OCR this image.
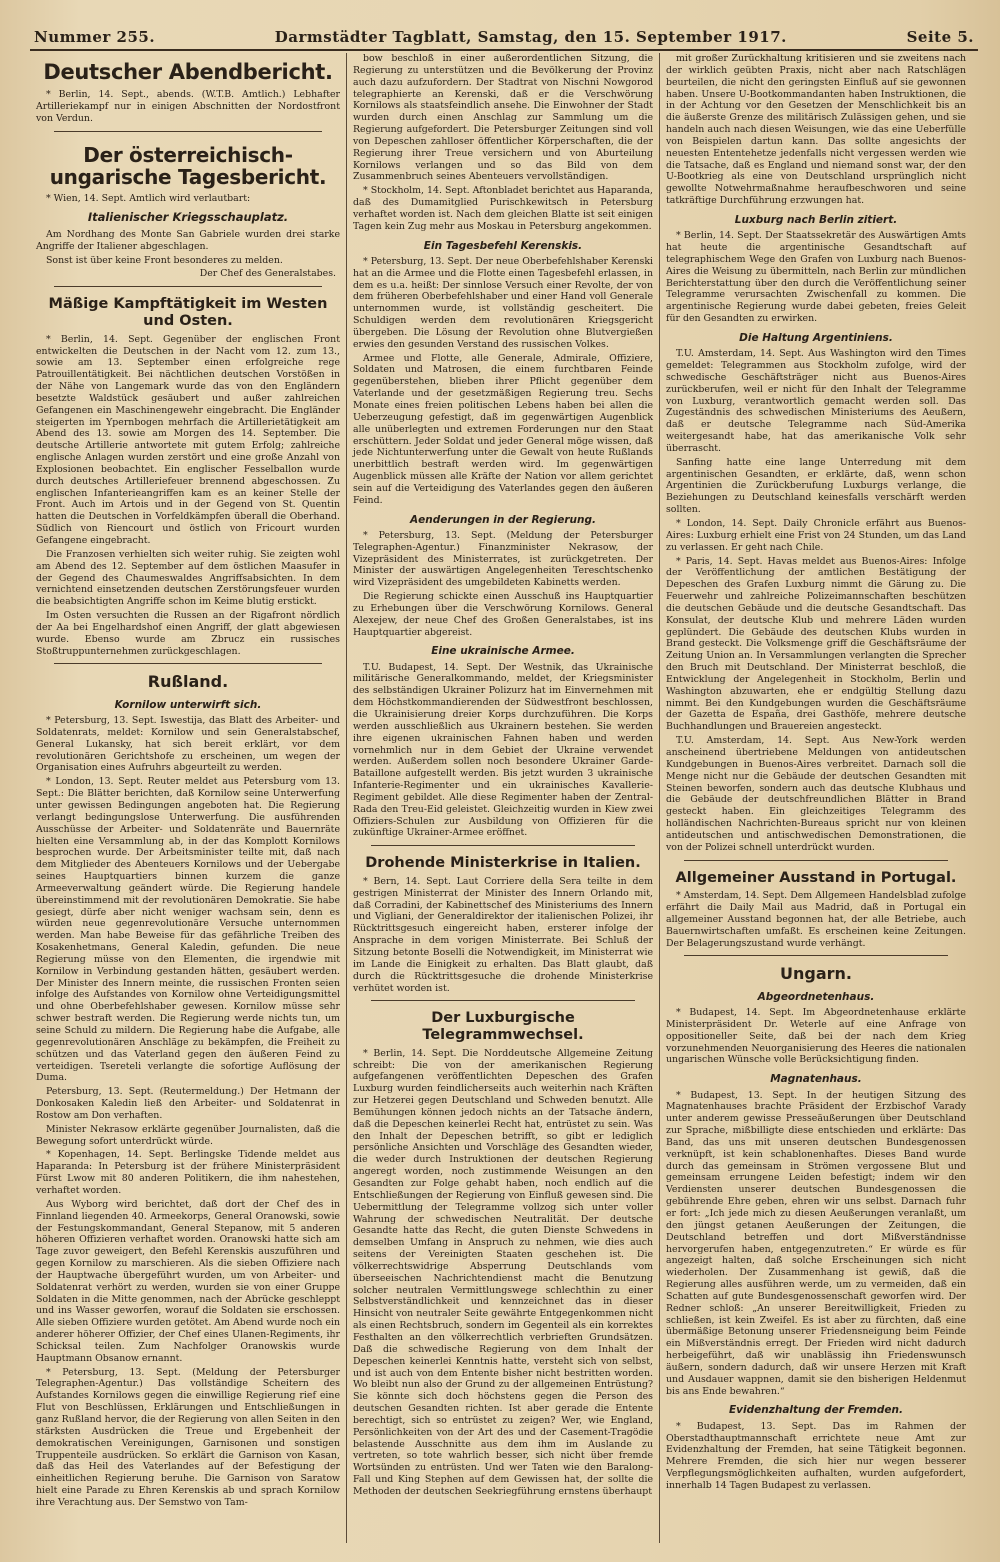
Nummer 255.	Darmstädter Tagblatt, Samstag, den 15. September 1917.	Seite 5.
Deutscher Abendbericht.

* Berlin, 14. Sept., abends. (W.T.B. Amtlich.) Lebhafter Artilleriekampf nur in einigen Abschnitten der Nordostfront von Verdun.

Der österreichisch-ungarische Tagesbericht.

* Wien, 14. Sept. Amtlich wird verlautbart:

Italienischer Kriegsschauplatz.

Am Nordhang des Monte San Gabriele wurden drei starke Angriffe der Italiener abgeschlagen.

Sonst ist über keine Front besonderes zu melden.

Der Chef des Generalstabes.

Mäßige Kampftätigkeit im Westen und Osten.

* Berlin, 14. Sept. Gegenüber der englischen Front entwickelten die Deutschen in der Nacht vom 12. zum 13., sowie am 13. September einen erfolgreiche rege Patrouillentätigkeit. Bei nächtlichen deutschen Vorstößen in der Nähe von Langemark wurde das von den Engländern besetzte Waldstück gesäubert und außer zahlreichen Gefangenen ein Maschinengewehr eingebracht. Die Engländer steigerten im Ypernbogen mehrfach die Artillerietätigkeit am Abend des 13. sowie am Morgen des 14. September. Die deutsche Artillerie antwortete mit gutem Erfolg; zahlreiche englische Anlagen wurden zerstört und eine große Anzahl von Explosionen beobachtet. Ein englischer Fesselballon wurde durch deutsches Artilleriefeuer brennend abgeschossen. Zu englischen Infanterieangriffen kam es an keiner Stelle der Front. Auch im Artois und in der Gegend von St. Quentin hatten die Deutschen in Vorfeldkämpfen überall die Oberhand. Südlich von Riencourt und östlich von Fricourt wurden Gefangene eingebracht.

Die Franzosen verhielten sich weiter ruhig. Sie zeigten wohl am Abend des 12. September auf dem östlichen Maasufer in der Gegend des Chaumeswaldes Angriffsabsichten. In dem vernichtend einsetzenden deutschen Zerstörungsfeuer wurden die beabsichtigten Angriffe schon im Keime blutig erstickt.

Im Osten versuchten die Russen an der Rigafront nördlich der Aa bei Engelhardshof einen Angriff, der glatt abgewiesen wurde. Ebenso wurde am Zbrucz ein russisches Stoßtruppunternehmen zurückgeschlagen.

Rußland.
Kornilow unterwirft sich.

* Petersburg, 13. Sept. Iswestija, das Blatt des Arbeiter- und Soldatenrats, meldet: Kornilow und sein Generalstabschef, General Lukansky, hat sich bereit erklärt, vor dem revolutionären Gerichtshofe zu erscheinen, um wegen der Organisation eines Aufruhrs abgeurteilt zu werden.

* London, 13. Sept. Reuter meldet aus Petersburg vom 13. Sept.: Die Blätter berichten, daß Kornilow seine Unterwerfung unter gewissen Bedingungen angeboten hat. Die Regierung verlangt bedingungslose Unterwerfung. Die ausführenden Ausschüsse der Arbeiter- und Soldatenräte und Bauernräte hielten eine Versammlung ab, in der das Komplott Kornilows besprochen wurde. Der Arbeitsminister teilte mit, daß nach dem Mitglieder des Abenteuers Kornilows und der Uebergabe seines Hauptquartiers binnen kurzem die ganze Armeeverwaltung geändert würde. Die Regierung handele übereinstimmend mit der revolutionären Demokratie. Sie habe gesiegt, dürfe aber nicht weniger wachsam sein, denn es würden neue gegenrevolutionäre Versuche unternommen werden. Man habe Beweise für das gefährliche Treiben des Kosakenhetmans, General Kaledin, gefunden. Die neue Regierung müsse von den Elementen, die irgendwie mit Kornilow in Verbindung gestanden hätten, gesäubert werden. Der Minister des Innern meinte, die russischen Fronten seien infolge des Aufstandes von Kornilow ohne Verteidigungsmittel und ohne Oberbefehlshaber gewesen. Kornilow müsse sehr schwer bestraft werden. Die Regierung werde nichts tun, um seine Schuld zu mildern. Die Regierung habe die Aufgabe, alle gegenrevolutionären Anschläge zu bekämpfen, die Freiheit zu schützen und das Vaterland gegen den äußeren Feind zu verteidigen. Tsereteli verlangte die sofortige Auflösung der Duma.

Petersburg, 13. Sept. (Reutermeldung.) Der Hetmann der Donkosaken Kaledin ließ den Arbeiter- und Soldatenrat in Rostow am Don verhaften.

Minister Nekrasow erklärte gegenüber Journalisten, daß die Bewegung sofort unterdrückt würde.

* Kopenhagen, 14. Sept. Berlingske Tidende meldet aus Haparanda: In Petersburg ist der frühere Ministerpräsident Fürst Lwow mit 80 anderen Politikern, die ihm nahestehen, verhaftet worden.

Aus Wyborg wird berichtet, daß dort der Chef des in Finnland liegenden 40. Armeekorps, General Oranowski, sowie der Festungskommandant, General Stepanow, mit 5 anderen höheren Offizieren verhaftet worden. Oranowski hatte sich am Tage zuvor geweigert, den Befehl Kerenskis auszuführen und gegen Kornilow zu marschieren. Als die sieben Offiziere nach der Hauptwache übergeführt wurden, um von Arbeiter- und Soldatenrat verhört zu werden, wurden sie von einer Gruppe Soldaten in die Mitte genommen, nach der Abrücke geschleppt und ins Wasser geworfen, worauf die Soldaten sie erschossen. Alle sieben Offiziere wurden getötet. Am Abend wurde noch ein anderer höherer Offizier, der Chef eines Ulanen-Regiments, ihr Schicksal teilen. Zum Nachfolger Oranowskis wurde Hauptmann Obsanow ernannt.

* Petersburg, 13. Sept. (Meldung der Petersburger Telegraphen-Agentur.) Das vollständige Scheitern des Aufstandes Kornilows gegen die einwillige Regierung rief eine Flut von Beschlüssen, Erklärungen und Entschließungen in ganz Rußland hervor, die der Regierung von allen Seiten in den stärksten Ausdrücken die Treue und Ergebenheit der demokratischen Vereinigungen, Garnisonen und sonstigen Truppenteile ausdrücken. So erklärt die Garnison von Kasan, daß das Heil des Vaterlandes auf der Befestigung der einheitlichen Regierung beruhe. Die Garnison von Saratow hielt eine Parade zu Ehren Kerenskis ab und sprach Kornilow ihre Verachtung aus. Der Semstwo von Tam-

bow beschloß in einer außerordentlichen Sitzung, die Regierung zu unterstützen und die Bevölkerung der Provinz auch dazu aufzufordern. Der Stadtrat von Nischni Nowgorod telegraphierte an Kerenski, daß er die Verschwörung Kornilows als staatsfeindlich ansehe. Die Einwohner der Stadt wurden durch einen Anschlag zur Sammlung um die Regierung aufgefordert. Die Petersburger Zeitungen sind voll von Depeschen zahlloser öffentlicher Körperschaften, die der Regierung ihrer Treue versichern und von Aburteilung Kornilows verlangen und so das Bild von dem Zusammenbruch seines Abenteuers vervollständigen.

* Stockholm, 14. Sept. Aftonbladet berichtet aus Haparanda, daß des Dumamitglied Purischkewitsch in Petersburg verhaftet worden ist. Nach dem gleichen Blatte ist seit einigen Tagen kein Zug mehr aus Moskau in Petersburg angekommen.

Ein Tagesbefehl Kerenskis.

* Petersburg, 13. Sept. Der neue Oberbefehlshaber Kerenski hat an die Armee und die Flotte einen Tagesbefehl erlassen, in dem es u.a. heißt: Der sinnlose Versuch einer Revolte, der von dem früheren Oberbefehlshaber und einer Hand voll Generale unternommen wurde, ist vollständig gescheitert. Die Schuldigen werden dem revolutionären Kriegsgericht übergeben. Die Lösung der Revolution ohne Blutvergießen erwies den gesunden Verstand des russischen Volkes.

Armee und Flotte, alle Generale, Admirale, Offiziere, Soldaten und Matrosen, die einem furchtbaren Feinde gegenüberstehen, blieben ihrer Pflicht gegenüber dem Vaterlande und der gesetzmäßigen Regierung treu. Sechs Monate eines freien politischen Lebens haben bei allen die Ueberzeugung gefestigt, daß im gegenwärtigen Augenblick alle unüberlegten und extremen Forderungen nur den Staat erschüttern. Jeder Soldat und jeder General möge wissen, daß jede Nichtunterwerfung unter die Gewalt von heute Rußlands unerbittlich bestraft werden wird. Im gegenwärtigen Augenblick müssen alle Kräfte der Nation vor allem gerichtet sein auf die Verteidigung des Vaterlandes gegen den äußeren Feind.

Aenderungen in der Regierung.

* Petersburg, 13. Sept. (Meldung der Petersburger Telegraphen-Agentur.) Finanzminister Nekrasow, der Vizepräsident des Ministerrates, ist zurückgetreten. Der Minister der auswärtigen Angelegenheiten Tereschtschenko wird Vizepräsident des umgebildeten Kabinetts werden.

Die Regierung schickte einen Ausschuß ins Hauptquartier zu Erhebungen über die Verschwörung Kornilows. General Alexejew, der neue Chef des Großen Generalstabes, ist ins Hauptquartier abgereist.

Eine ukrainische Armee.

T.U. Budapest, 14. Sept. Der Westnik, das Ukrainische militärische Generalkommando, meldet, der Kriegsminister des selbständigen Ukrainer Polizurz hat im Einvernehmen mit dem Höchstkommandierenden der Südwestfront beschlossen, die Ukrainisierung dreier Korps durchzuführen. Die Korps werden ausschließlich aus Ukrainern bestehen. Sie werden ihre eigenen ukrainischen Fahnen haben und werden vornehmlich nur in dem Gebiet der Ukraine verwendet werden. Außerdem sollen noch besondere Ukrainer Garde-Bataillone aufgestellt werden. Bis jetzt wurden 3 ukrainische Infanterie-Regimenter und ein ukrainisches Kavallerie-Regiment gebildet. Alle diese Regimenter haben der Zentral-Rada den Treu-Eid geleistet. Gleichzeitig wurden in Kiew zwei Offiziers-Schulen zur Ausbildung von Offizieren für die zukünftige Ukrainer-Armee eröffnet.

Drohende Ministerkrise in Italien.

* Bern, 14. Sept. Laut Corriere della Sera teilte in dem gestrigen Ministerrat der Minister des Innern Orlando mit, daß Corradini, der Kabinettschef des Ministeriums des Innern und Vigliani, der Generaldirektor der italienischen Polizei, ihr Rücktrittsgesuch eingereicht haben, ersterer infolge der Ansprache in dem vorigen Ministerrate. Bei Schluß der Sitzung betonte Boselli die Notwendigkeit, im Ministerrat wie im Lande die Einigkeit zu erhalten. Das Blatt glaubt, daß durch die Rücktrittsgesuche die drohende Ministerkrise verhütet worden ist.

Der Luxburgische Telegrammwechsel.

* Berlin, 14. Sept. Die Norddeutsche Allgemeine Zeitung schreibt: Die von der amerikanischen Regierung aufgefangenen veröffentlichten Depeschen des Grafen Luxburg wurden feindlicherseits auch weiterhin nach Kräften zur Hetzerei gegen Deutschland und Schweden benutzt. Alle Bemühungen können jedoch nichts an der Tatsache ändern, daß die Depeschen keinerlei Recht hat, entrüstet zu sein. Was den Inhalt der Depeschen betrifft, so gibt er lediglich persönliche Ansichten und Vorschläge des Gesandten wieder, die weder durch Instruktionen der deutschen Regierung angeregt worden, noch zustimmende Weisungen an den Gesandten zur Folge gehabt haben, noch endlich auf die Entschließungen der Regierung von Einfluß gewesen sind. Die Uebermittlung der Telegramme vollzog sich unter voller Wahrung der schwedischen Neutralität. Der deutsche Gesandte hatte das Recht, die guten Dienste Schwedens in demselben Umfang in Anspruch zu nehmen, wie dies auch seitens der Vereinigten Staaten geschehen ist. Die völkerrechtswidrige Absperrung Deutschlands vom überseeischen Nachrichtendienst macht die Benutzung solcher neutralen Vermittlungswege schlechthin zu einer Selbstverständlichkeit und kennzeichnet das in dieser Hinsicht von neutraler Seite gewährte Entgegenkommen nicht als einen Rechtsbruch, sondern im Gegenteil als ein korrektes Festhalten an den völkerrechtlich verbrieften Grundsätzen. Daß die schwedische Regierung von dem Inhalt der Depeschen keinerlei Kenntnis hatte, versteht sich von selbst, und ist auch von dem Entente bisher nicht bestritten worden. Wo bleibt nun also der Grund zu der allgemeinen Entrüstung? Sie könnte sich doch höchstens gegen die Person des deutschen Gesandten richten. Ist aber gerade die Entente berechtigt, sich so entrüstet zu zeigen? Wer, wie England, Persönlichkeiten von der Art des und der Casement-Tragödie belastende Ausschnitte aus dem ihm im Auslande zu vertreten, so tote wahrlich besser, sich nicht über fremde Wortsünden zu entrüsten. Und wer Taten wie den Baralong-Fall und King Stephen auf dem Gewissen hat, der sollte die Methoden der deutschen Seekriegführung ernstens überhaupt

mit großer Zurückhaltung kritisieren und sie zweitens nach der wirklich geübten Praxis, nicht aber nach Ratschlägen beurteilen, die nicht den geringsten Einfluß auf sie gewonnen haben. Unsere U-Bootkommandanten haben Instruktionen, die in der Achtung vor den Gesetzen der Menschlichkeit bis an die äußerste Grenze des militärisch Zulässigen gehen, und sie handeln auch nach diesen Weisungen, wie das eine Ueberfülle von Beispielen dartun kann. Das sollte angesichts der neuesten Ententehetze jedenfalls nicht vergessen werden wie die Tatsache, daß es England und niemand sonst war, der den U-Bootkrieg als eine von Deutschland ursprünglich nicht gewollte Notwehrmaßnahme heraufbeschworen und seine tatkräftige Durchführung erzwungen hat.

Luxburg nach Berlin zitiert.

* Berlin, 14. Sept. Der Staatssekretär des Auswärtigen Amts hat heute die argentinische Gesandtschaft auf telegraphischem Wege den Grafen von Luxburg nach Buenos-Aires die Weisung zu übermitteln, nach Berlin zur mündlichen Berichterstattung über den durch die Veröffentlichung seiner Telegramme verursachten Zwischenfall zu kommen. Die argentinische Regierung wurde dabei gebeten, freies Geleit für den Gesandten zu erwirken.

Die Haltung Argentiniens.

T.U. Amsterdam, 14. Sept. Aus Washington wird den Times gemeldet: Telegrammen aus Stockholm zufolge, wird der schwedische Geschäftsträger nicht aus Buenos-Aires zurückberufen, weil er nicht für den Inhalt der Telegramme von Luxburg, verantwortlich gemacht werden soll. Das Zugeständnis des schwedischen Ministeriums des Aeußern, daß er deutsche Telegramme nach Süd-Amerika weitergesandt habe, hat das amerikanische Volk sehr überrascht.

Sanfing hatte eine lange Unterredung mit dem argentinischen Gesandten, er erklärte, daß, wenn schon Argentinien die Zurückberufung Luxburgs verlange, die Beziehungen zu Deutschland keinesfalls verschärft werden sollten.

* London, 14. Sept. Daily Chronicle erfährt aus Buenos-Aires: Luxburg erhielt eine Frist von 24 Stunden, um das Land zu verlassen. Er geht nach Chile.

* Paris, 14. Sept. Havas meldet aus Buenos-Aires: Infolge der Veröffentlichung der amtlichen Bestätigung der Depeschen des Grafen Luxburg nimmt die Gärung zu. Die Feuerwehr und zahlreiche Polizeimannschaften beschützen die deutschen Gebäude und die deutsche Gesandtschaft. Das Konsulat, der deutsche Klub und mehrere Läden wurden geplündert. Die Gebäude des deutschen Klubs wurden in Brand gesteckt. Die Volksmenge griff die Geschäftsräume der Zeitung Union an. In Versammlungen verlangten die Sprecher den Bruch mit Deutschland. Der Ministerrat beschloß, die Entwicklung der Angelegenheit in Stockholm, Berlin und Washington abzuwarten, ehe er endgültig Stellung dazu nimmt. Bei den Kundgebungen wurden die Geschäftsräume der Gazetta de España, drei Gasthöfe, mehrere deutsche Buchhandlungen und Brauereien angesteckt.

T.U. Amsterdam, 14. Sept. Aus New-York werden anscheinend übertriebene Meldungen von antideutschen Kundgebungen in Buenos-Aires verbreitet. Darnach soll die Menge nicht nur die Gebäude der deutschen Gesandten mit Steinen beworfen, sondern auch das deutsche Klubhaus und die Gebäude der deutschfreundlichen Blätter in Brand gesteckt haben. Ein gleichzeitiges Telegramm des holländischen Nachrichten-Bureaus spricht nur von kleinen antideutschen und antischwedischen Demonstrationen, die von der Polizei schnell unterdrückt wurden.

Allgemeiner Ausstand in Portugal.

* Amsterdam, 14. Sept. Dem Allgemeen Handelsblad zufolge erfährt die Daily Mail aus Madrid, daß in Portugal ein allgemeiner Ausstand begonnen hat, der alle Betriebe, auch Bauernwirtschaften umfaßt. Es erscheinen keine Zeitungen. Der Belagerungszustand wurde verhängt.

Ungarn.
Abgeordnetenhaus.

* Budapest, 14. Sept. Im Abgeordnetenhause erklärte Ministerpräsident Dr. Weterle auf eine Anfrage von oppositioneller Seite, daß bei der nach dem Krieg vorzunehmenden Neuorganisierung des Heeres die nationalen ungarischen Wünsche volle Berücksichtigung finden.

Magnatenhaus.

* Budapest, 13. Sept. In der heutigen Sitzung des Magnatenhauses brachte Präsident der Erzbischof Varady unter anderem gewisse Presseäußerungen über Deutschland zur Sprache, mißbilligte diese entschieden und erklärte: Das Band, das uns mit unseren deutschen Bundesgenossen verknüpft, ist kein schablonenhaftes. Dieses Band wurde durch das gemeinsam in Strömen vergossene Blut und gemeinsam errungene Leiden befestigt; indem wir den Verdiensten unserer deutschen Bundesgenossen die gebührende Ehre geben, ehren wir uns selbst. Darnach fuhr er fort: „Ich jede mich zu diesen Aeußerungen veranlaßt, um den jüngst getanen Aeußerungen der Zeitungen, die Deutschland betreffen und dort Mißverständnisse hervorgerufen haben, entgegenzutreten.“ Er würde es für angezeigt halten, daß solche Erscheinungen sich nicht wiederholen. Der Zusammenhang ist gewiß, daß die Regierung alles ausführen werde, um zu vermeiden, daß ein Schatten auf gute Bundesgenossenschaft geworfen wird. Der Redner schloß: „An unserer Bereitwilligkeit, Frieden zu schließen, ist kein Zweifel. Es ist aber zu fürchten, daß eine übermäßige Betonung unserer Friedensneigung beim Feinde ein Mißverständnis erregt. Der Frieden wird nicht dadurch herbeigeführt, daß wir unablässig ihn Friedenswunsch äußern, sondern dadurch, daß wir unsere Herzen mit Kraft und Ausdauer wappnen, damit sie den bisherigen Heldenmut bis ans Ende bewahren.“

Evidenzhaltung der Fremden.

* Budapest, 13. Sept. Das im Rahmen der Oberstadthauptmannschaft errichtete neue Amt zur Evidenzhaltung der Fremden, hat seine Tätigkeit begonnen. Mehrere Fremden, die sich hier nur wegen besserer Verpflegungsmöglichkeiten aufhalten, wurden aufgefordert, innerhalb 14 Tagen Budapest zu verlassen.
